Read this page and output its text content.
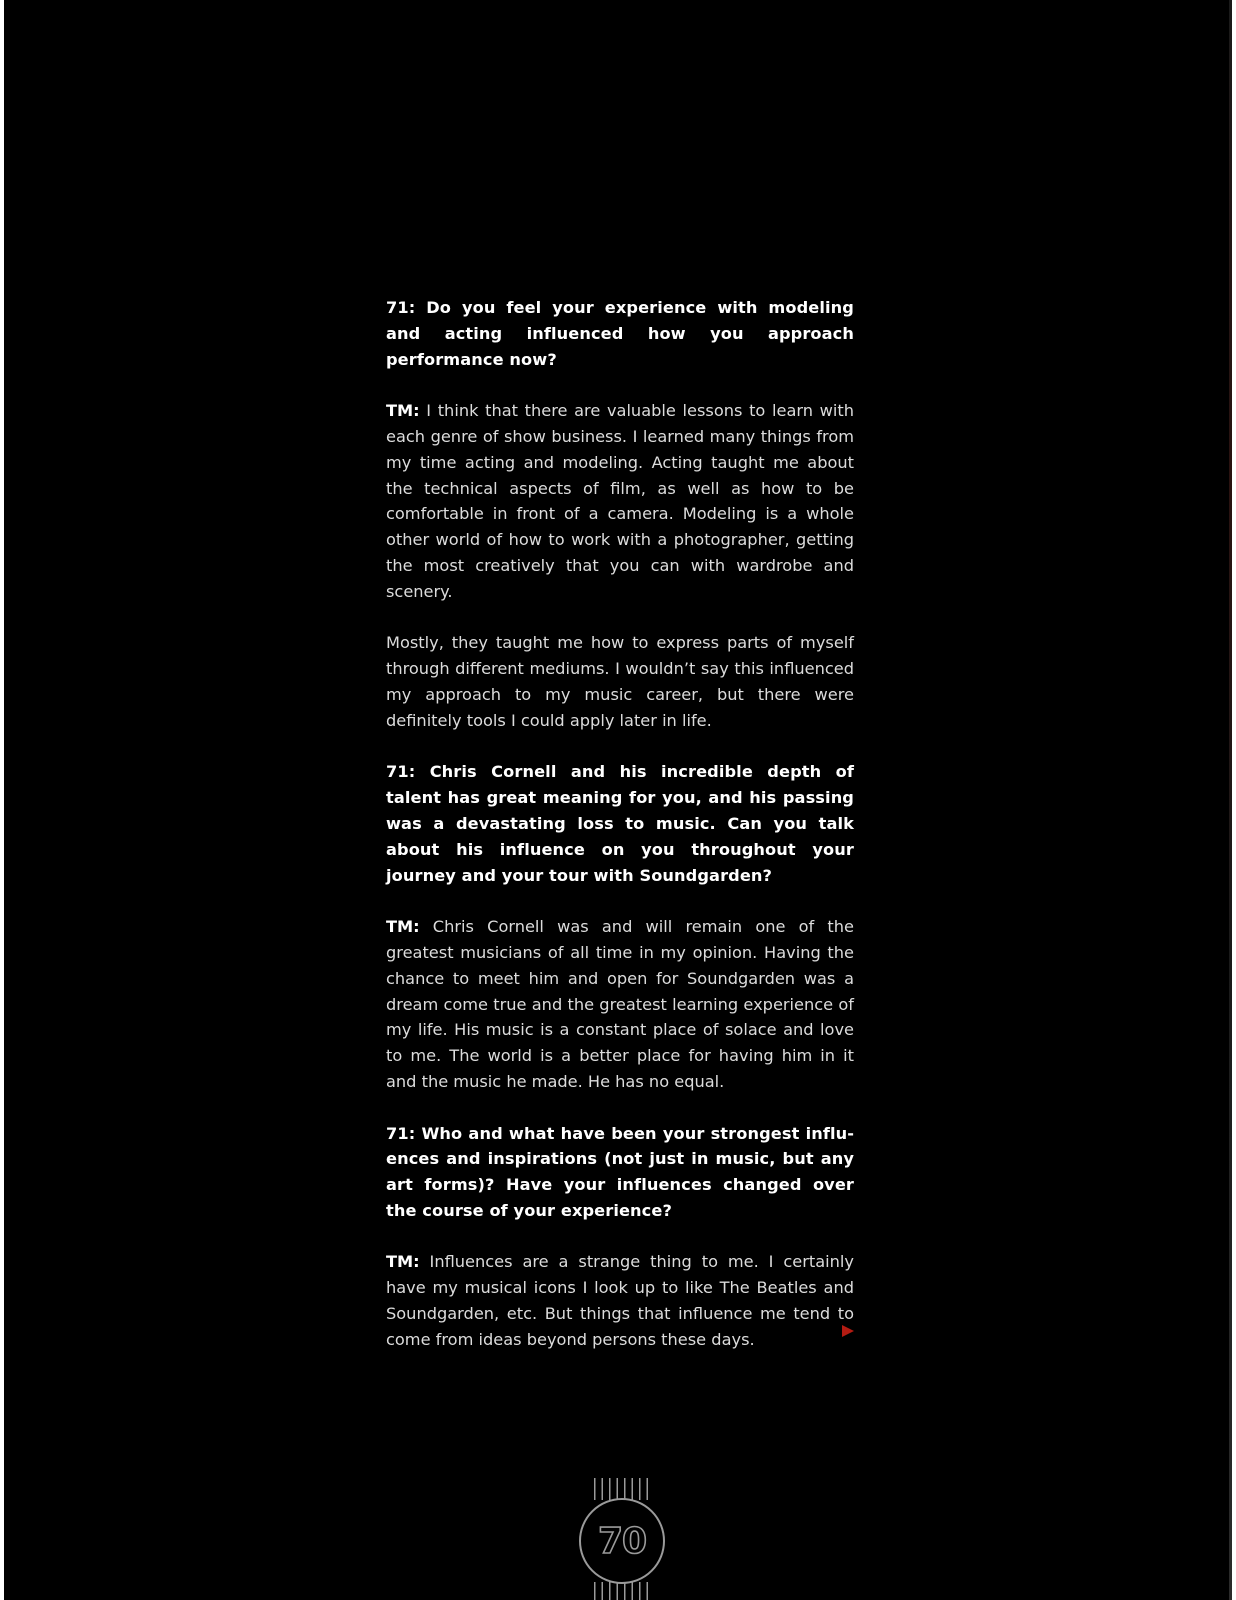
71: Do you feel your experience with modeling and acting influenced how you approach performance now?

TM: I think that there are valuable lessons to learn with each genre of show business. I learned many things from my time acting and modeling. Acting taught me about the technical aspects of film, as well as how to be comfortable in front of a camera. Modeling is a whole other world of how to work with a photographer, getting the most creatively that you can with wardrobe and scenery.

Mostly, they taught me how to express parts of myself through different mediums. I wouldn’t say this influenced my approach to my music career, but there were definitely tools I could apply later in life.

71: Chris Cornell and his incredible depth of talent has great meaning for you, and his passing was a devastating loss to music. Can you talk about his influence on you throughout your journey and your tour with Soundgarden?

TM: Chris Cornell was and will remain one of the greatest musicians of all time in my opinion. Having the chance to meet him and open for Soundgarden was a dream come true and the greatest learning experience of my life. His music is a constant place of solace and love to me. The world is a better place for having him in it and the music he made. He has no equal.

71: Who and what have been your strongest influences and inspirations (not just in music, but any art forms)? Have your influences changed over the course of your experience?

TM: Influences are a strange thing to me. I certainly have my musical icons I look up to like The Beatles and Soundgarden, etc. But things that influence me tend to come from ideas beyond persons these days.

70
